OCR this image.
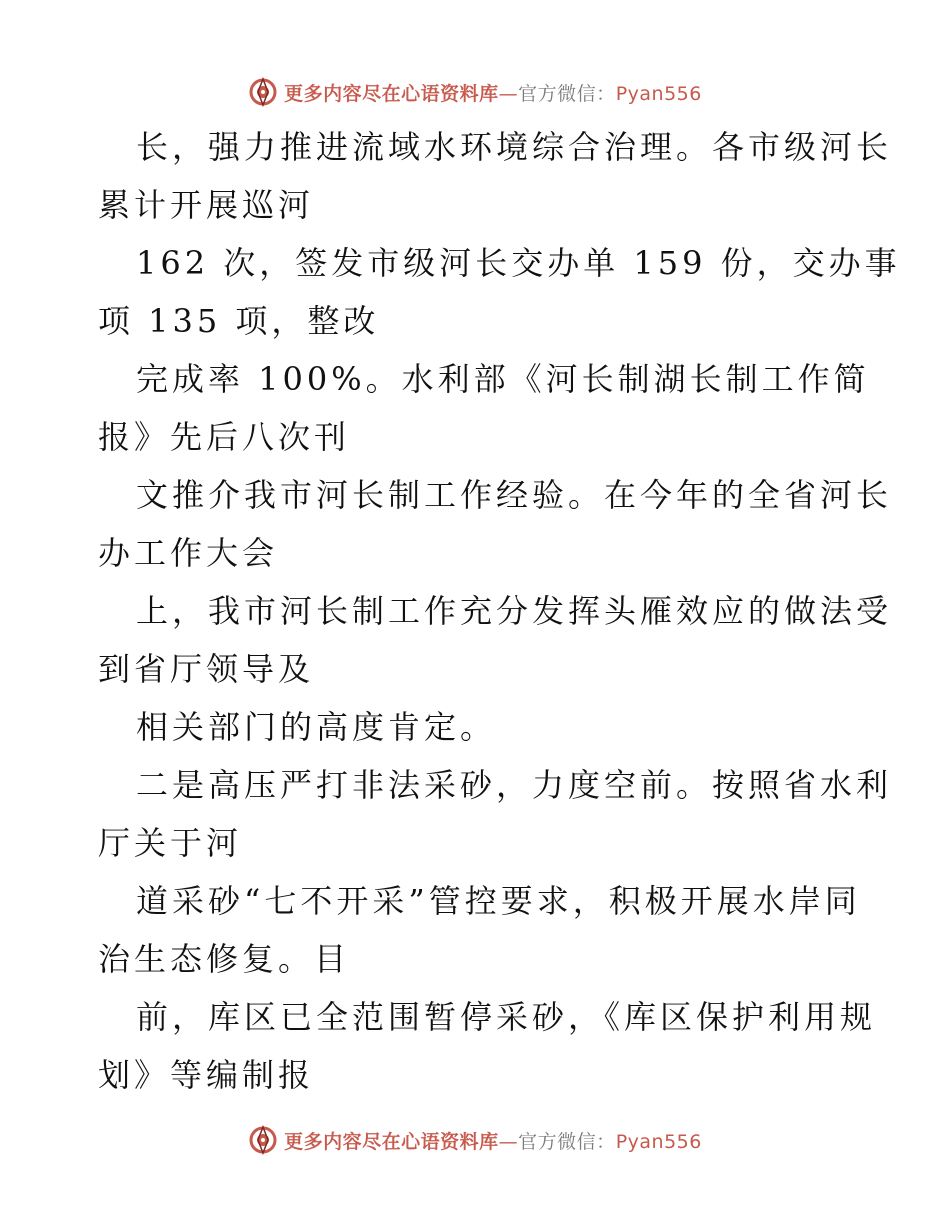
更多内容尽在心语资料库—官方微信：Pyan556
长，强力推进流域水环境综合治理。各市级河长
累计开展巡河
162 次，签发市级河长交办单 159 份，交办事
项 135 项，整改
完成率 100%。水利部《河长制湖长制工作简
报》先后八次刊
文推介我市河长制工作经验。在今年的全省河长
办工作大会
上，我市河长制工作充分发挥头雁效应的做法受
到省厅领导及
相关部门的高度肯定。
二是高压严打非法采砂，力度空前。按照省水利
厅关于河
道采砂“七不开采”管控要求，积极开展水岸同
治生态修复。目
前，库区已全范围暂停采砂，《库区保护利用规
划》等编制报
更多内容尽在心语资料库—官方微信：Pyan556
